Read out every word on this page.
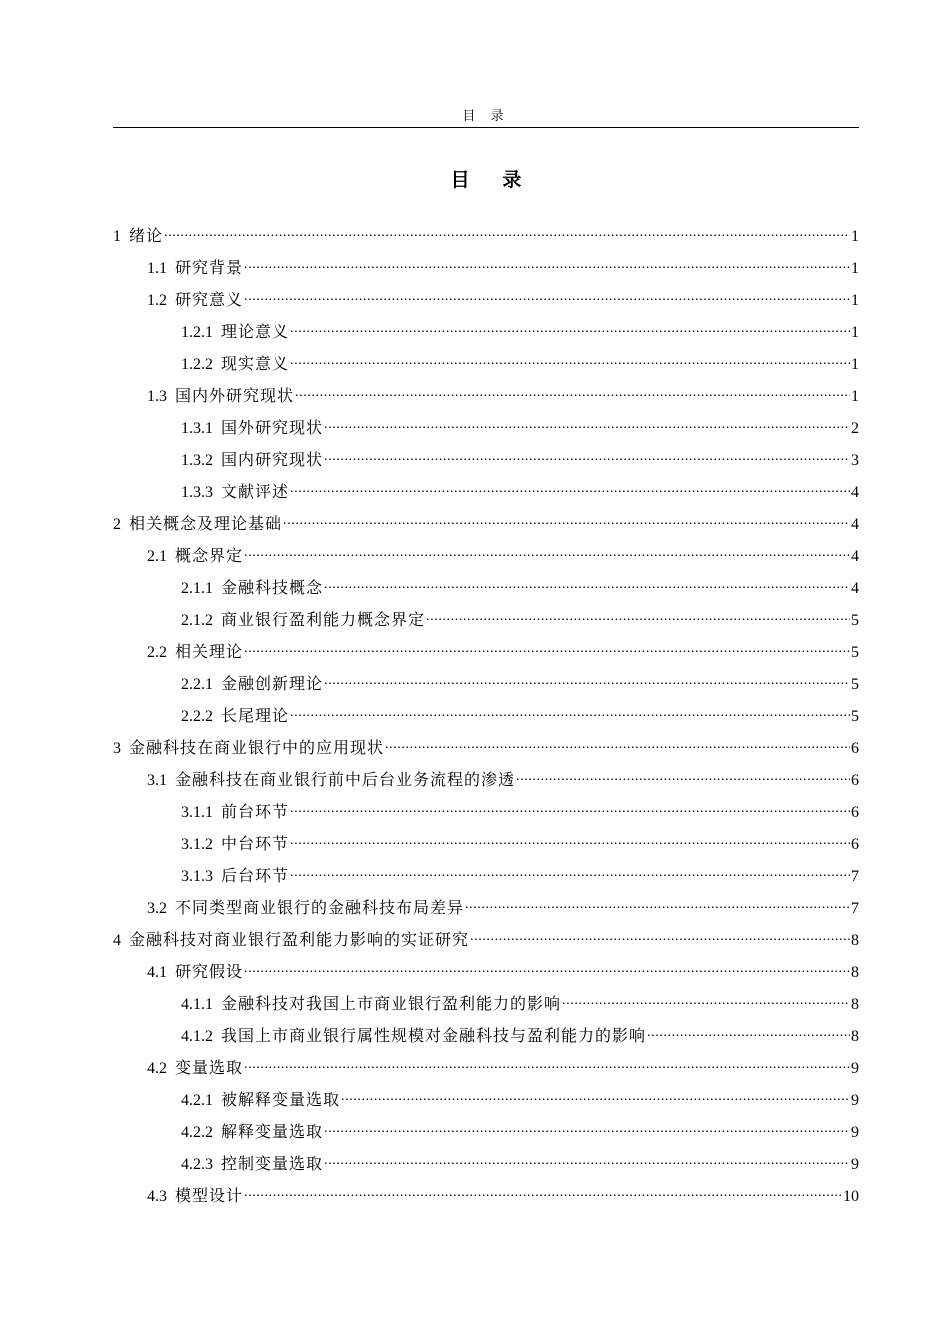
目 录
目 录
1 绪论 .....	1
1.1 研究背景 .....	1
1.2 研究意义 .....	1
1.2.1 理论意义 .....	1
1.2.2 现实意义 .....	1
1.3 国内外研究现状 .....	1
1.3.1 国外研究现状 .....	2
1.3.2 国内研究现状 .....	3
1.3.3 文献评述 .....	4
2 相关概念及理论基础 .....	4
2.1 概念界定 .....	4
2.1.1 金融科技概念 .....	4
2.1.2 商业银行盈利能力概念界定 .....	5
2.2 相关理论 .....	5
2.2.1 金融创新理论 .....	5
2.2.2 长尾理论 .....	5
3 金融科技在商业银行中的应用现状 .....	6
3.1 金融科技在商业银行前中后台业务流程的渗透 .....	6
3.1.1 前台环节 .....	6
3.1.2 中台环节 .....	6
3.1.3 后台环节 .....	7
3.2 不同类型商业银行的金融科技布局差异 .....	7
4 金融科技对商业银行盈利能力影响的实证研究 .....	8
4.1 研究假设 .....	8
4.1.1 金融科技对我国上市商业银行盈利能力的影响 .....	8
4.1.2 我国上市商业银行属性规模对金融科技与盈利能力的影响 .....	8
4.2 变量选取 .....	9
4.2.1 被解释变量选取 .....	9
4.2.2 解释变量选取 .....	9
4.2.3 控制变量选取 .....	9
4.3 模型设计 .....	10
